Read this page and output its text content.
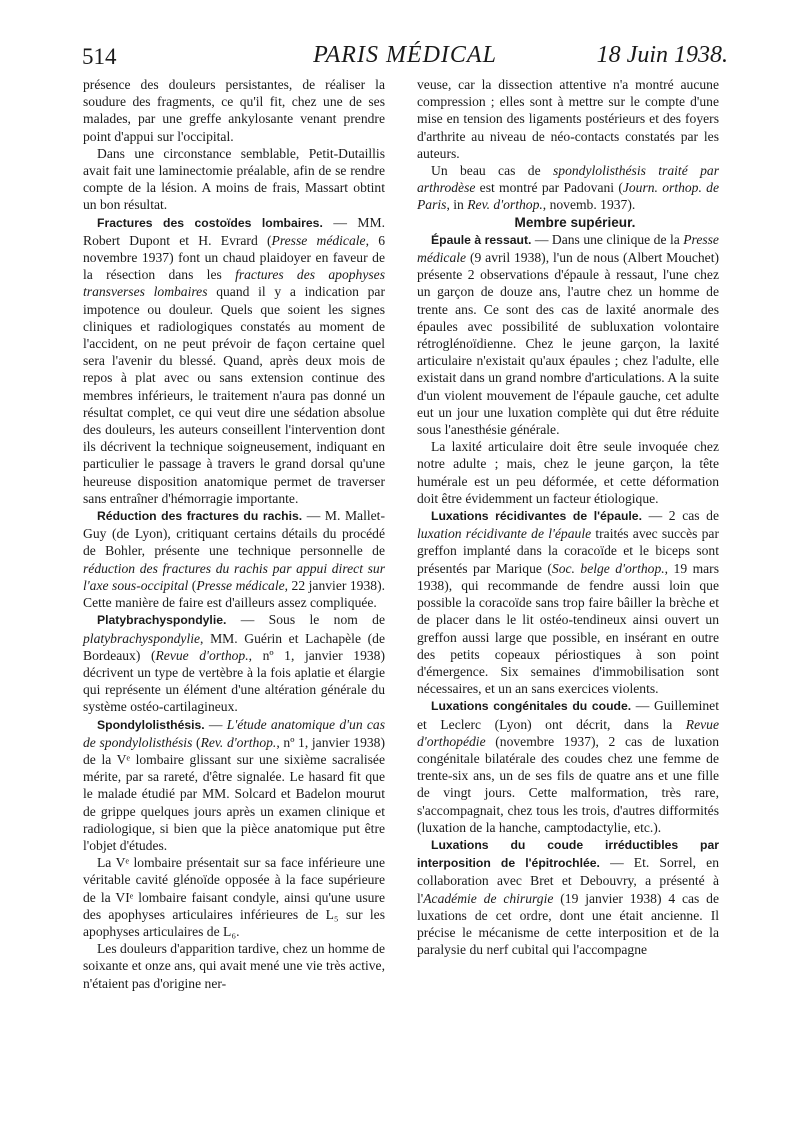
514	PARIS MÉDICAL	18 Juin 1938.

présence des douleurs persistantes, de réaliser la soudure des fragments, ce qu'il fit, chez une de ses malades, par une greffe ankylosante venant prendre point d'appui sur l'occipital.

Dans une circonstance semblable, Petit-Dutaillis avait fait une laminectomie préalable, afin de se rendre compte de la lésion. A moins de frais, Massart obtint un bon résultat.

Fractures des costoïdes lombaires. — MM. Robert Dupont et H. Evrard (Presse médicale, 6 novembre 1937) font un chaud plaidoyer en faveur de la résection dans les fractures des apophyses transverses lombaires quand il y a indication par impotence ou douleur. Quels que soient les signes cliniques et radiologiques constatés au moment de l'accident, on ne peut prévoir de façon certaine quel sera l'avenir du blessé. Quand, après deux mois de repos à plat avec ou sans extension continue des membres inférieurs, le traitement n'aura pas donné un résultat complet, ce qui veut dire une sédation absolue des douleurs, les auteurs conseillent l'intervention dont ils décrivent la technique soigneusement, indiquant en particulier le passage à travers le grand dorsal qu'une heureuse disposition anatomique permet de traverser sans entraîner d'hémorragie importante.

Réduction des fractures du rachis. — M. Mallet-Guy (de Lyon), critiquant certains détails du procédé de Bohler, présente une technique personnelle de réduction des fractures du rachis par appui direct sur l'axe sous-occipital (Presse médicale, 22 janvier 1938). Cette manière de faire est d'ailleurs assez compliquée.

Platybrachyspondylie. — Sous le nom de platybrachyspondylie, MM. Guérin et Lachapèle (de Bordeaux) (Revue d'orthop., nº 1, janvier 1938) décrivent un type de vertèbre à la fois aplatie et élargie qui représente un élément d'une altération générale du système ostéo-cartilagineux.

Spondylolisthésis. — L'étude anatomique d'un cas de spondylolisthésis (Rev. d'orthop., nº 1, janvier 1938) de la Vᵉ lombaire glissant sur une sixième sacralisée mérite, par sa rareté, d'être signalée. Le hasard fit que le malade étudié par MM. Solcard et Badelon mourut de grippe quelques jours après un examen clinique et radiologique, si bien que la pièce anatomique put être l'objet d'études.

La Vᵉ lombaire présentait sur sa face inférieure une véritable cavité glénoïde opposée à la face supérieure de la VIᵉ lombaire faisant condyle, ainsi qu'une usure des apophyses articulaires inférieures de L₅ sur les apophyses articulaires de L₆.

Les douleurs d'apparition tardive, chez un homme de soixante et onze ans, qui avait mené une vie très active, n'étaient pas d'origine ner-

veuse, car la dissection attentive n'a montré aucune compression ; elles sont à mettre sur le compte d'une mise en tension des ligaments postérieurs et des foyers d'arthrite au niveau de néo-contacts constatés par les auteurs.

Un beau cas de spondylolisthésis traité par arthrodèse est montré par Padovani (Journ. orthop. de Paris, in Rev. d'orthop., novemb. 1937).

Membre supérieur.

Épaule à ressaut. — Dans une clinique de la Presse médicale (9 avril 1938), l'un de nous (Albert Mouchet) présente 2 observations d'épaule à ressaut, l'une chez un garçon de douze ans, l'autre chez un homme de trente ans. Ce sont des cas de laxité anormale des épaules avec possibilité de subluxation volontaire rétroglénoïdienne. Chez le jeune garçon, la laxité articulaire n'existait qu'aux épaules ; chez l'adulte, elle existait dans un grand nombre d'articulations. A la suite d'un violent mouvement de l'épaule gauche, cet adulte eut un jour une luxation complète qui dut être réduite sous l'anesthésie générale.

La laxité articulaire doit être seule invoquée chez notre adulte ; mais, chez le jeune garçon, la tête humérale est un peu déformée, et cette déformation doit être évidemment un facteur étiologique.

Luxations récidivantes de l'épaule. — 2 cas de luxation récidivante de l'épaule traités avec succès par greffon implanté dans la coracoïde et le biceps sont présentés par Marique (Soc. belge d'orthop., 19 mars 1938), qui recommande de fendre aussi loin que possible la coracoïde sans trop faire bâiller la brèche et de placer dans le lit ostéo-tendineux ainsi ouvert un greffon aussi large que possible, en insérant en outre des petits copeaux périostiques à son point d'émergence. Six semaines d'immobilisation sont nécessaires, et un an sans exercices violents.

Luxations congénitales du coude. — Guilleminet et Leclerc (Lyon) ont décrit, dans la Revue d'orthopédie (novembre 1937), 2 cas de luxation congénitale bilatérale des coudes chez une femme de trente-six ans, un de ses fils de quatre ans et une fille de vingt jours. Cette malformation, très rare, s'accompagnait, chez tous les trois, d'autres difformités (luxation de la hanche, camptodactylie, etc.).

Luxations du coude irréductibles par interposition de l'épitrochlée. — Et. Sorrel, en collaboration avec Bret et Debouvry, a présenté à l'Académie de chirurgie (19 janvier 1938) 4 cas de luxations de cet ordre, dont une était ancienne. Il précise le mécanisme de cette interposition et de la paralysie du nerf cubital qui l'accompagne
